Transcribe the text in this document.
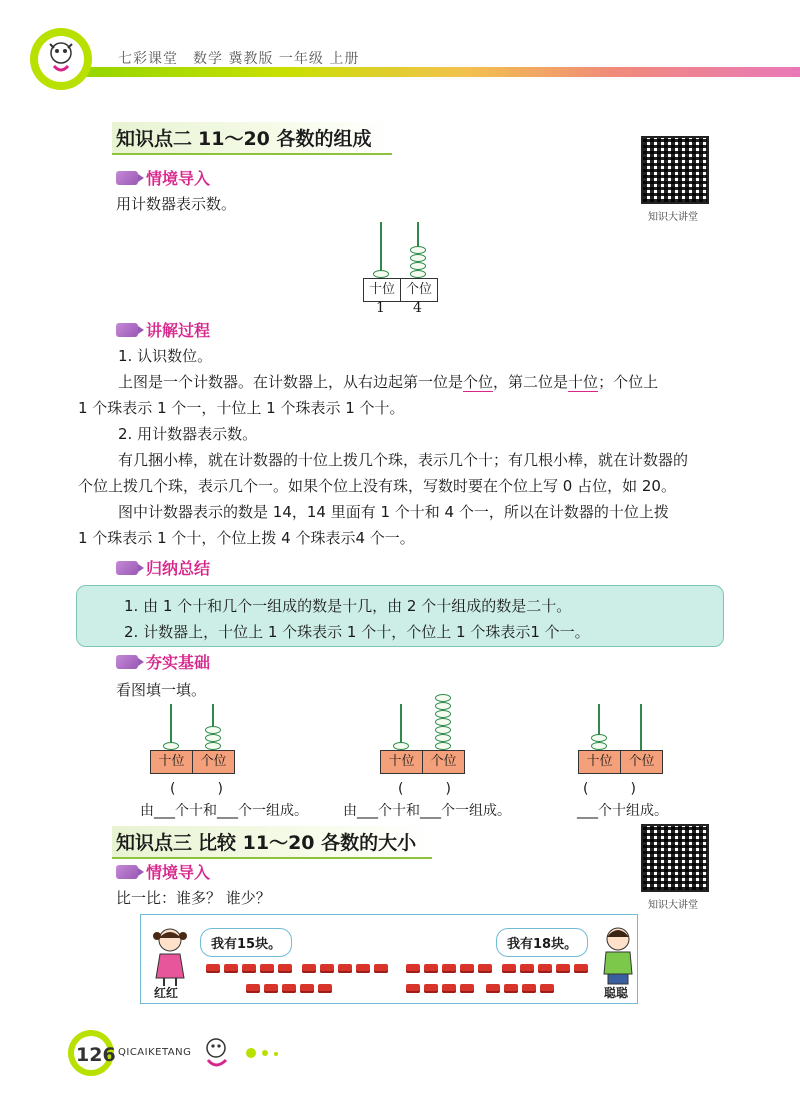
七彩课堂　数学 冀教版 一年级 上册
知识点二 11～20 各数的组成
知识大讲堂
情境导入
用计数器表示数。
十位 个位
1 4
讲解过程
1. 认识数位。
上图是一个计数器。在计数器上，从右边起第一位是个位，第二位是十位；个位上
1 个珠表示 1 个一，十位上 1 个珠表示 1 个十。
2. 用计数器表示数。
有几捆小棒，就在计数器的十位上拨几个珠，表示几个十；有几根小棒，就在计数器的
个位上拨几个珠，表示几个一。如果个位上没有珠，写数时要在个位上写 0 占位，如 20。
图中计数器表示的数是 14，14 里面有 1 个十和 4 个一，所以在计数器的十位上拨
1 个珠表示 1 个十，个位上拨 4 个珠表示4 个一。
归纳总结
1. 由 1 个十和几个一组成的数是十几，由 2 个十组成的数是二十。
2. 计数器上，十位上 1 个珠表示 1 个十，个位上 1 个珠表示1 个一。
夯实基础
看图填一填。
十位	个位
(　　　)
由___个十和___个一组成。
十位	个位
(　　　)
由___个十和___个一组成。
十位	个位
(　　　)
___个十组成。
知识点三 比较 11～20 各数的大小
知识大讲堂
情境导入
比一比：谁多？ 谁少？
我有15块。	我有18块。
红红	聪聪
126 QICAIKETANG
